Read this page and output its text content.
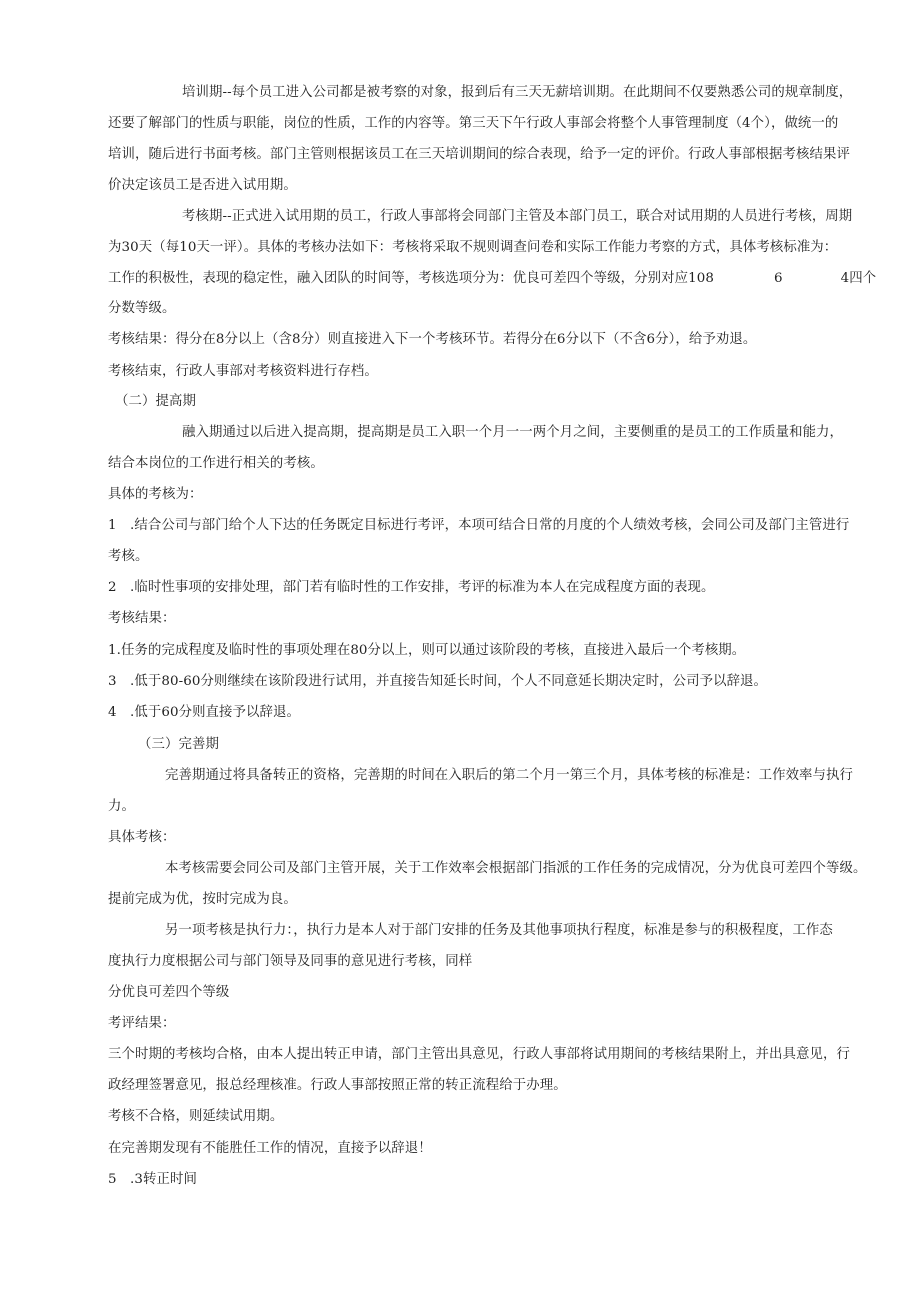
培训期--每个员工进入公司都是被考察的对象，报到后有三天无薪培训期。在此期间不仅要熟悉公司的规章制度，
还要了解部门的性质与职能，岗位的性质，工作的内容等。第三天下午行政人事部会将整个人事管理制度（4个），做统一的
培训，随后进行书面考核。部门主管则根据该员工在三天培训期间的综合表现，给予一定的评价。行政人事部根据考核结果评
价决定该员工是否进入试用期。
考核期--正式进入试用期的员工，行政人事部将会同部门主管及本部门员工，联合对试用期的人员进行考核，周期
为30天（每10天一评）。具体的考核办法如下：考核将采取不规则调查问卷和实际工作能力考察的方式，具体考核标准为：
工作的积极性，表现的稳定性，融入团队的时间等，考核选项分为：优良可差四个等级，分别对应108	6	4四个
分数等级。
考核结果：得分在8分以上（含8分）则直接进入下一个考核环节。若得分在6分以下（不含6分），给予劝退。
考核结束，行政人事部对考核资料进行存档。
（二）提高期
融入期通过以后进入提高期，提高期是员工入职一个月一一两个月之间，主要侧重的是员工的工作质量和能力，
结合本岗位的工作进行相关的考核。
具体的考核为：
1 .结合公司与部门给个人下达的任务既定目标进行考评，本项可结合日常的月度的个人绩效考核，会同公司及部门主管进行
考核。
2 .临时性事项的安排处理，部门若有临时性的工作安排，考评的标准为本人在完成程度方面的表现。
考核结果：
1.任务的完成程度及临时性的事项处理在80分以上，则可以通过该阶段的考核，直接进入最后一个考核期。
3 .低于80-60分则继续在该阶段进行试用，并直接告知延长时间，个人不同意延长期决定时，公司予以辞退。
4 .低于60分则直接予以辞退。
（三）完善期
完善期通过将具备转正的资格，完善期的时间在入职后的第二个月一第三个月，具体考核的标准是：工作效率与执行
力。
具体考核：
本考核需要会同公司及部门主管开展，关于工作效率会根据部门指派的工作任务的完成情况，分为优良可差四个等级。
提前完成为优，按时完成为良。
另一项考核是执行力：，执行力是本人对于部门安排的任务及其他事项执行程度，标准是参与的积极程度，工作态
度执行力度根据公司与部门领导及同事的意见进行考核，同样
分优良可差四个等级
考评结果：
三个时期的考核均合格，由本人提出转正申请，部门主管出具意见，行政人事部将试用期间的考核结果附上，并出具意见，行
政经理签署意见，报总经理核准。行政人事部按照正常的转正流程给于办理。
考核不合格，则延续试用期。
在完善期发现有不能胜任工作的情况，直接予以辞退！
5 .3转正时间
